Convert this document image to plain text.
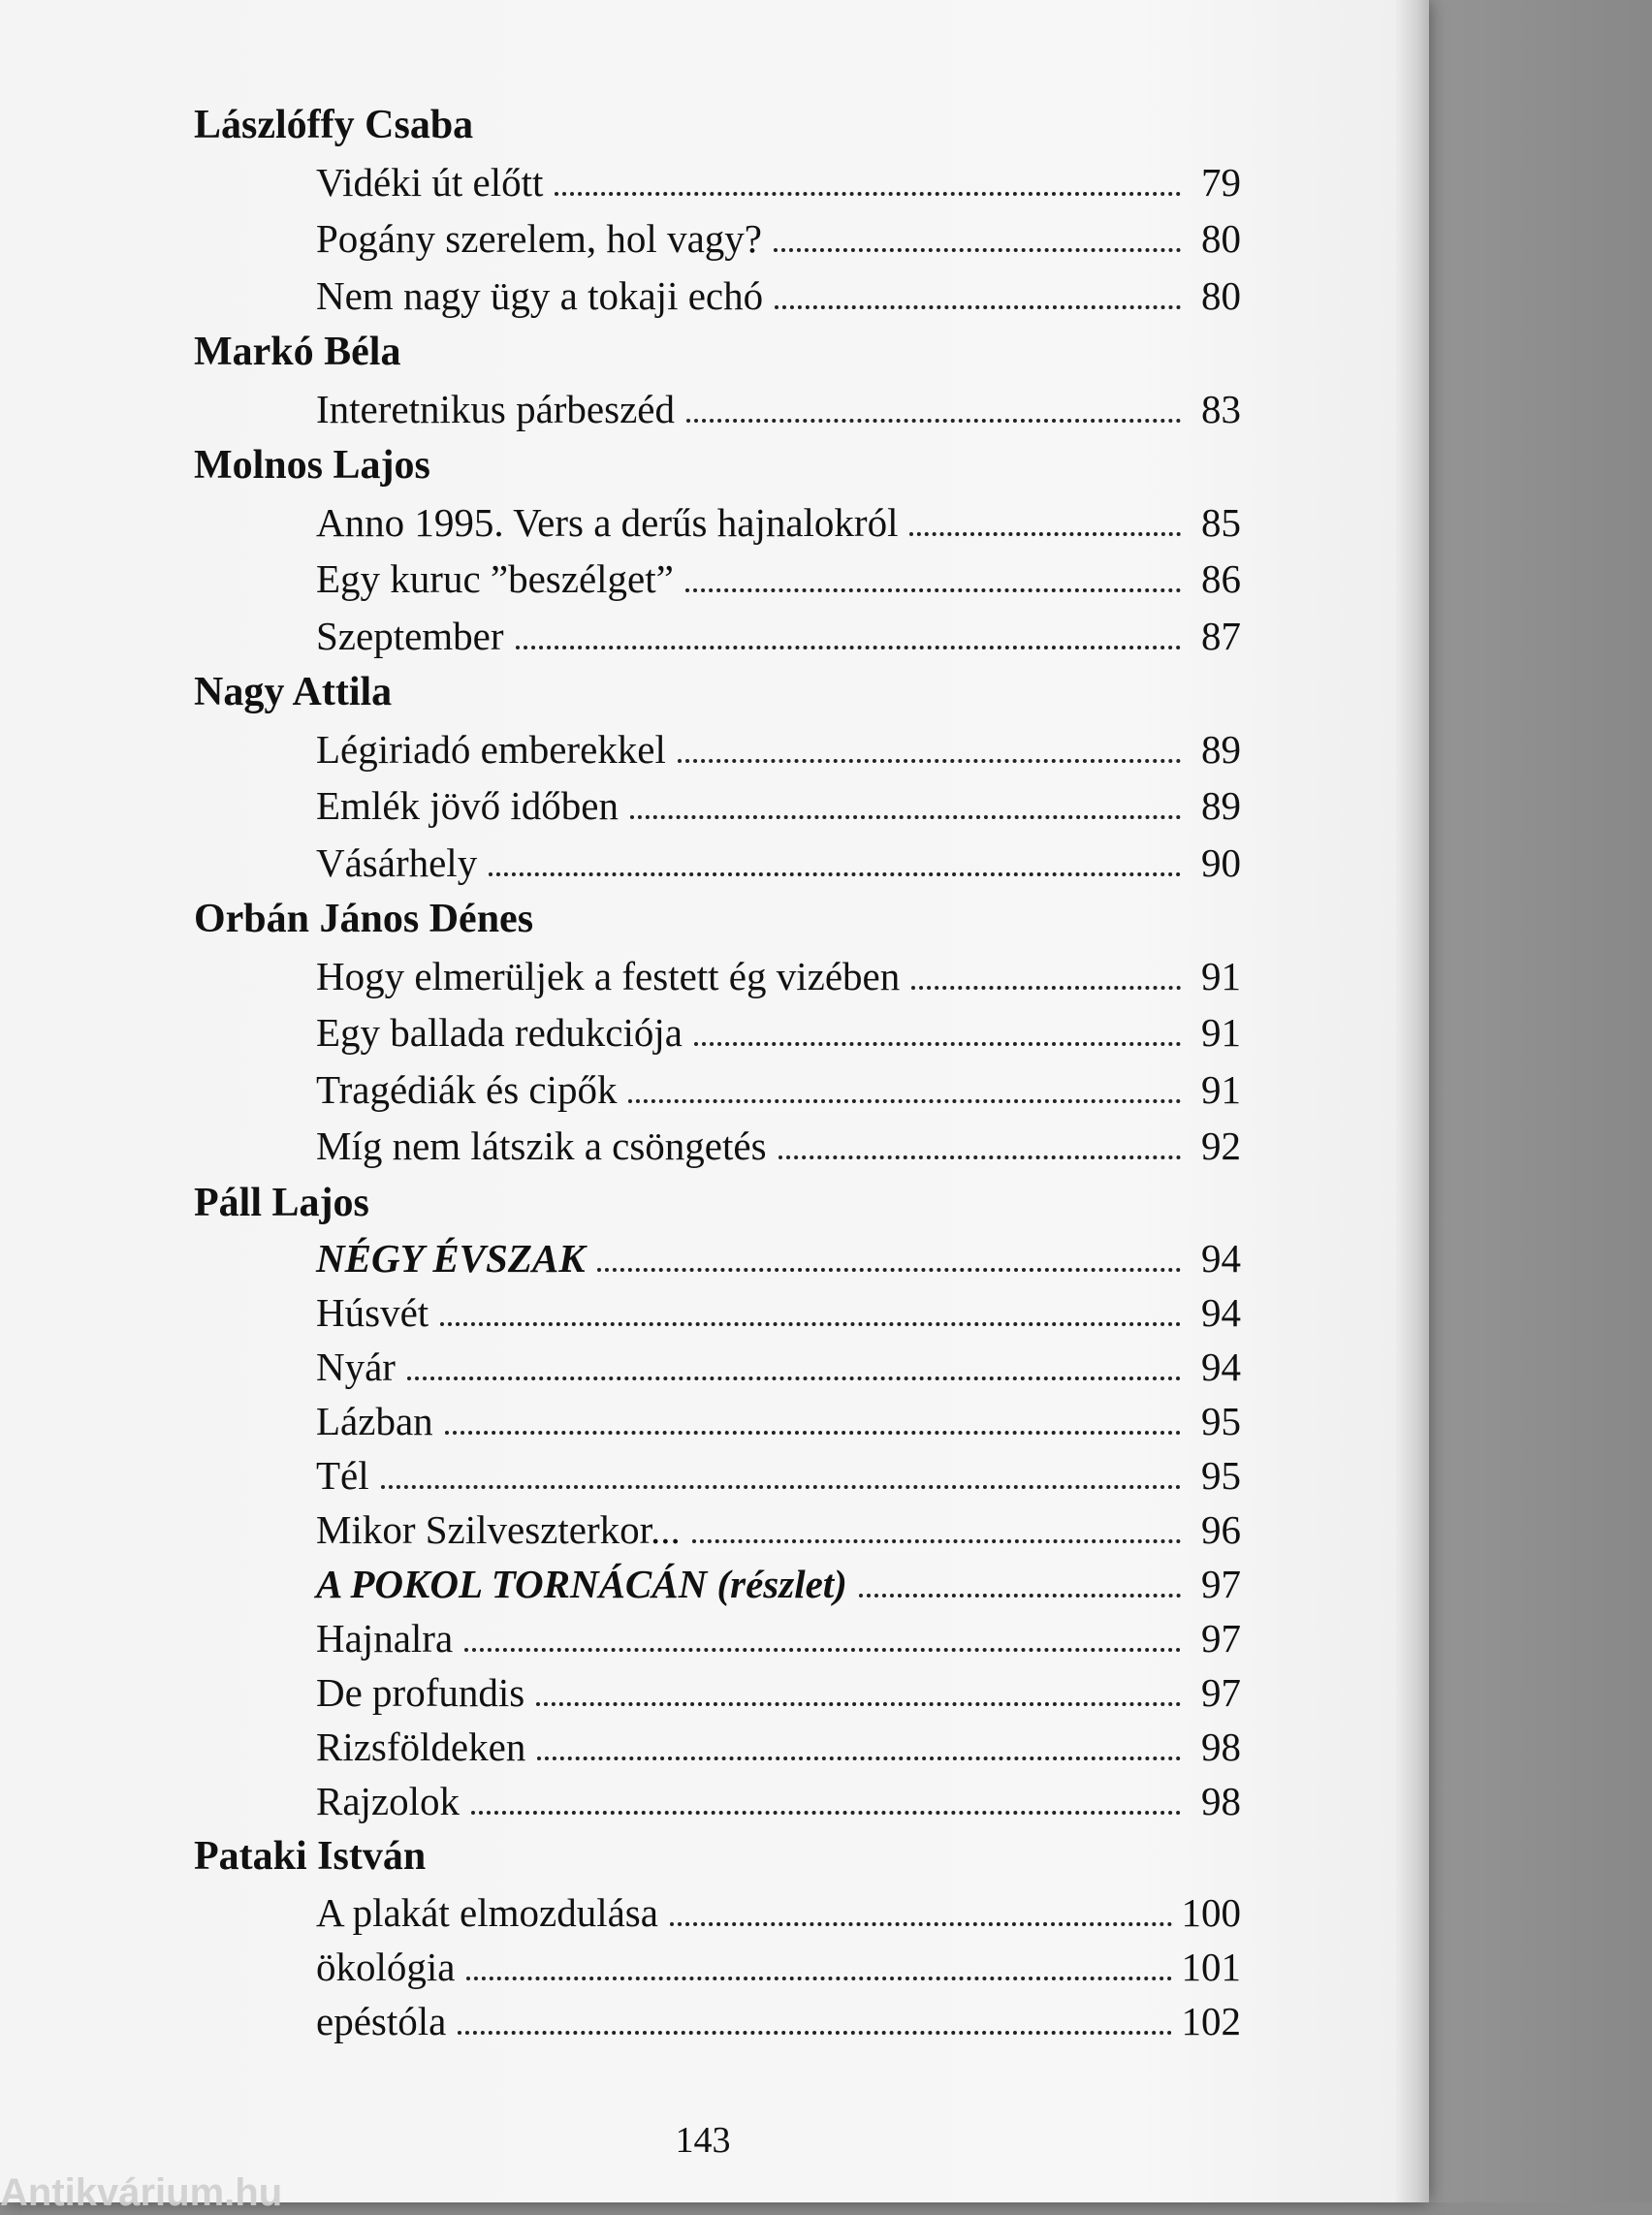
Lászlóffy Csaba
Vidéki út előtt	79
Pogány szerelem, hol vagy?	80
Nem nagy ügy a tokaji echó	80
Markó Béla
Interetnikus párbeszéd	83
Molnos Lajos
Anno 1995. Vers a derűs hajnalokról	85
Egy kuruc ”beszélget”	86
Szeptember	87
Nagy Attila
Légiriadó emberekkel	89
Emlék jövő időben	89
Vásárhely	90
Orbán János Dénes
Hogy elmerüljek a festett ég vizében	91
Egy ballada redukciója	91
Tragédiák és cipők	91
Míg nem látszik a csöngetés	92
Páll Lajos
NÉGY ÉVSZAK	94
Húsvét	94
Nyár	94
Lázban	95
Tél	95
Mikor Szilveszterkor...	96
A POKOL TORNÁCÁN (részlet)	97
Hajnalra	97
De profundis	97
Rizsföldeken	98
Rajzolok	98
Pataki István
A plakát elmozdulása	100
ökológia	101
epéstóla	102
143
Antikvárium.hu
